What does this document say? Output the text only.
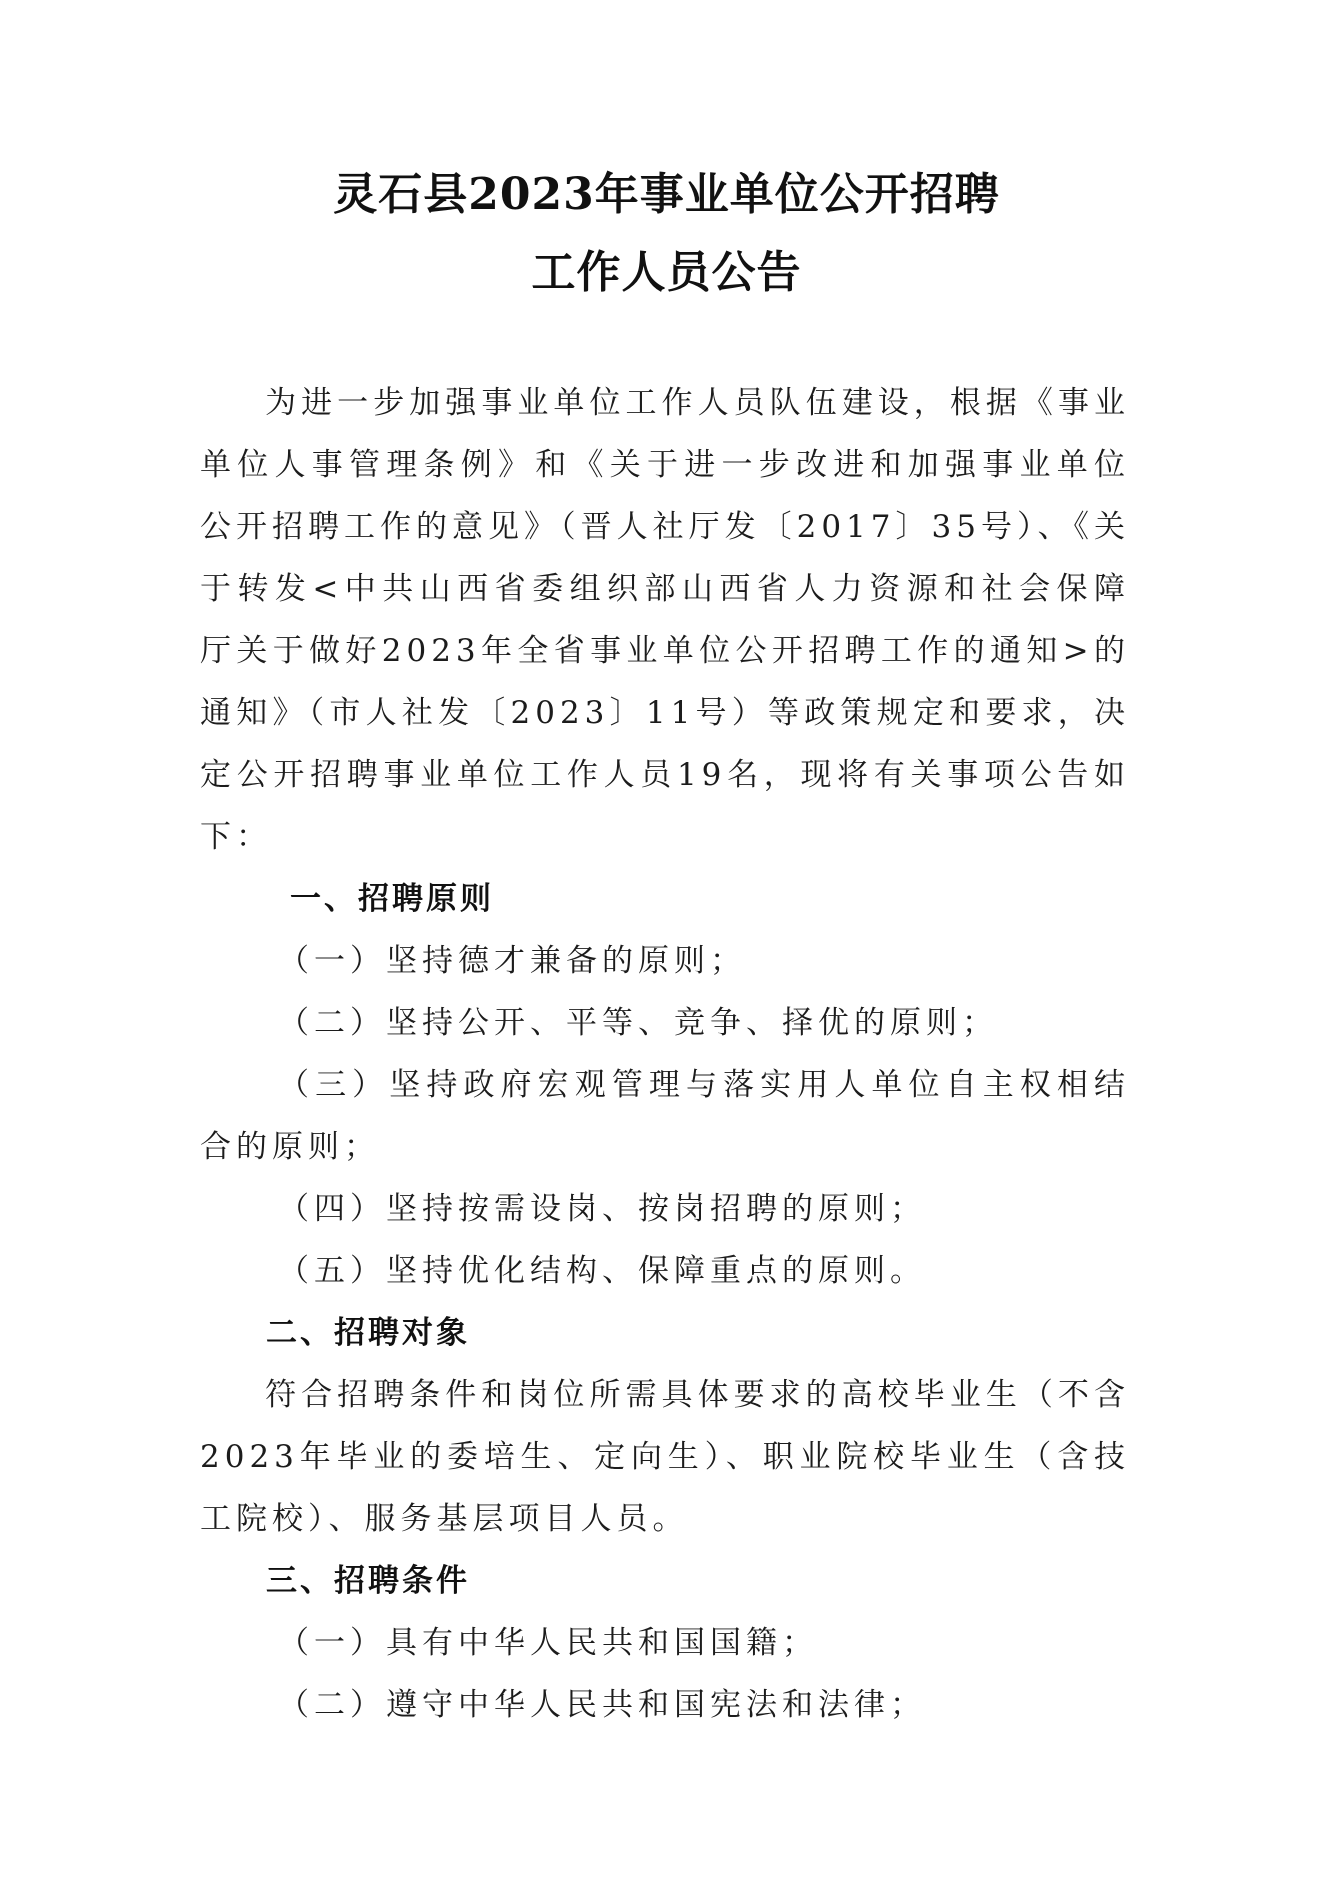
灵石县2023年事业单位公开招聘
工作人员公告

为进一步加强事业单位工作人员队伍建设，根据《事业单位人事管理条例》和《关于进一步改进和加强事业单位公开招聘工作的意见》（晋人社厅发〔2017〕35号）、《关于转发<中共山西省委组织部山西省人力资源和社会保障厅关于做好2023年全省事业单位公开招聘工作的通知>的通知》（市人社发〔2023〕11号）等政策规定和要求，决定公开招聘事业单位工作人员19名，现将有关事项公告如下：

一、招聘原则

（一）坚持德才兼备的原则；

（二）坚持公开、平等、竞争、择优的原则；

（三）坚持政府宏观管理与落实用人单位自主权相结合的原则；

（四）坚持按需设岗、按岗招聘的原则；

（五）坚持优化结构、保障重点的原则。

二、招聘对象

符合招聘条件和岗位所需具体要求的高校毕业生（不含2023年毕业的委培生、定向生）、职业院校毕业生（含技工院校）、服务基层项目人员。

三、招聘条件

（一）具有中华人民共和国国籍；

（二）遵守中华人民共和国宪法和法律；
